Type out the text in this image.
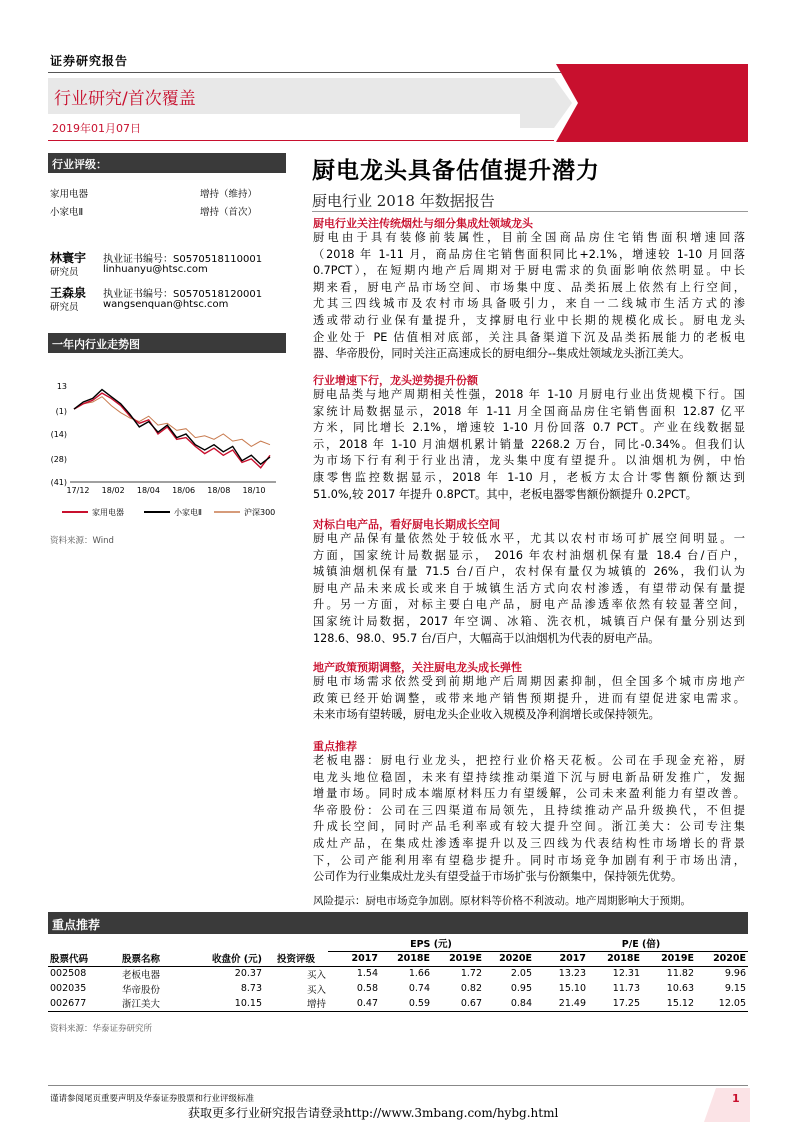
证券研究报告
行业研究/首次覆盖
2019年01月07日
行业评级：
家用电器	增持（维持）
小家电Ⅱ	增持（首次）
林寰宇
研究员
执业证书编号：S0570518110001
linhuanyu@htsc.com
王森泉
研究员
执业证书编号：S0570518120001
wangsenquan@htsc.com
一年内行业走势图
13
(1)
(14)
(28)
(41)
17/12 18/02 18/04 18/06 18/08 18/10
家用电器	小家电Ⅱ	沪深300
资料来源：Wind
厨电龙头具备估值提升潜力
厨电行业 2018 年数据报告
厨电行业关注传统烟灶与细分集成灶领域龙头
厨电由于具有装修前装属性，目前全国商品房住宅销售面积增速回落
（2018 年 1-11 月，商品房住宅销售面积同比+2.1%，增速较 1-10 月回落
0.7PCT），在短期内地产后周期对于厨电需求的负面影响依然明显。中长
期来看，厨电产品市场空间、市场集中度、品类拓展上依然有上行空间，
尤其三四线城市及农村市场具备吸引力，来自一二线城市生活方式的渗
透或带动行业保有量提升，支撑厨电行业中长期的规模化成长。厨电龙头
企业处于 PE 估值相对底部，关注具备渠道下沉及品类拓展能力的老板电
器、华帝股份，同时关注正高速成长的厨电细分--集成灶领域龙头浙江美大。
行业增速下行，龙头逆势提升份额
厨电品类与地产周期相关性强，2018 年 1-10 月厨电行业出货规模下行。国
家统计局数据显示，2018 年 1-11 月全国商品房住宅销售面积 12.87 亿平
方米，同比增长 2.1%，增速较 1-10 月份回落 0.7 PCT。产业在线数据显
示，2018 年 1-10 月油烟机累计销量 2268.2 万台，同比-0.34%。但我们认
为市场下行有利于行业出清，龙头集中度有望提升。以油烟机为例，中怡
康零售监控数据显示，2018 年 1-10 月，老板方太合计零售额份额达到
51.0%,较 2017 年提升 0.8PCT。其中，老板电器零售额份额提升 0.2PCT。
对标白电产品，看好厨电长期成长空间
厨电产品保有量依然处于较低水平，尤其以农村市场可扩展空间明显。一
方面，国家统计局数据显示， 2016 年农村油烟机保有量 18.4 台/百户，
城镇油烟机保有量 71.5 台/百户，农村保有量仅为城镇的 26%，我们认为
厨电产品未来成长或来自于城镇生活方式向农村渗透，有望带动保有量提
升。另一方面，对标主要白电产品，厨电产品渗透率依然有较显著空间，
国家统计局数据，2017 年空调、冰箱、洗衣机，城镇百户保有量分别达到
128.6、98.0、95.7 台/百户，大幅高于以油烟机为代表的厨电产品。
地产政策预期调整，关注厨电龙头成长弹性
厨电市场需求依然受到前期地产后周期因素抑制，但全国多个城市房地产
政策已经开始调整，或带来地产销售预期提升，进而有望促进家电需求。
未来市场有望转暖，厨电龙头企业收入规模及净利润增长或保持领先。
重点推荐
老板电器：厨电行业龙头，把控行业价格天花板。公司在手现金充裕，厨
电龙头地位稳固，未来有望持续推动渠道下沉与厨电新品研发推广，发掘
增量市场。同时成本端原材料压力有望缓解，公司未来盈利能力有望改善。
华帝股份：公司在三四渠道布局领先，且持续推动产品升级换代，不但提
升成长空间，同时产品毛利率或有较大提升空间。浙江美大：公司专注集
成灶产品，在集成灶渗透率提升以及三四线为代表结构性市场增长的背景
下，公司产能利用率有望稳步提升。同时市场竞争加剧有利于市场出清，
公司作为行业集成灶龙头有望受益于市场扩张与份额集中，保持领先优势。
风险提示：厨电市场竞争加剧。原材料等价格不利波动。地产周期影响大于预期。
重点推荐
				EPS (元)				P/E (倍)			
股票代码	股票名称	收盘价 (元)	投资评级	2017	2018E	2019E	2020E	2017	2018E	2019E	2020E
002508	老板电器	20.37	买入	1.54	1.66	1.72	2.05	13.23	12.31	11.82	9.96
002035	华帝股份	8.73	买入	0.58	0.74	0.82	0.95	15.10	11.73	10.63	9.15
002677	浙江美大	10.15	增持	0.47	0.59	0.67	0.84	21.49	17.25	15.12	12.05
资料来源：华泰证券研究所
谨请参阅尾页重要声明及华泰证券股票和行业评级标准
获取更多行业研究报告请登录http://www.3mbang.com/hybg.html
1
